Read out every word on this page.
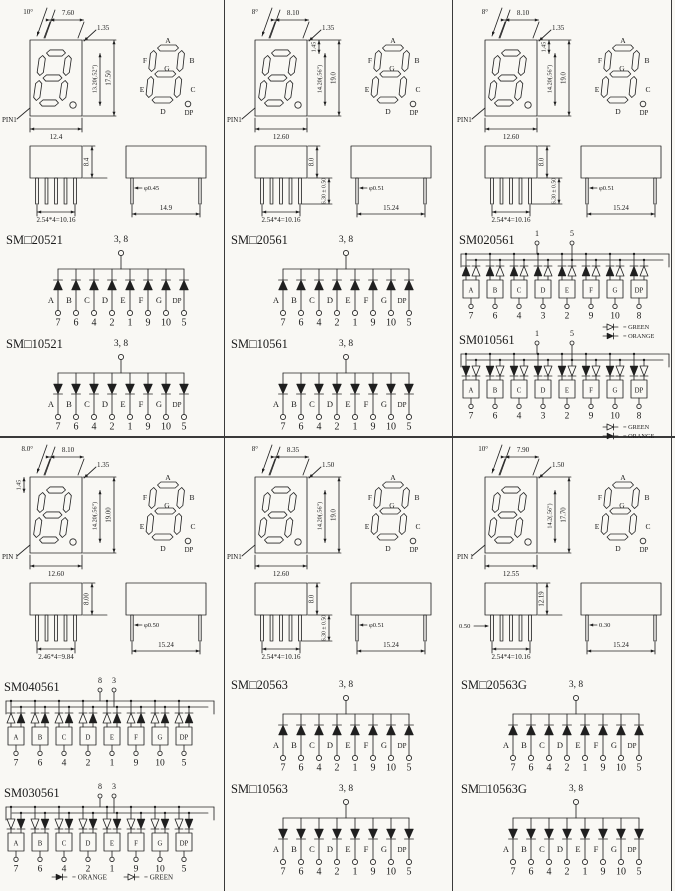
10°	7.60
1.35
13.20(.52") 17.50
12.4
PIN1
A
F	B
G
E	C
D	DP
8.4
2.54*4=10.16
φ0.45
14.9
SM□20521	3, 8
A
7
B
6
C
4
D
2
E
1
F
9
G
10
DP
5
SM□10521	3, 8
A
7
B
6
C
4
D
2
E
1
F
9
G
10
DP
5
8°	8.10
1.35
1.45
14.20(.56") 19.0
12.60
PIN1
A
F	B
G
E	C
D	DP
8.0
6.30 ± 0.50
2.54*4=10.16
φ0.51
15.24
SM□20561	3, 8
A
7
B
6
C
4
D
2
E
1
F
9
G
10
DP
5
SM□10561	3, 8
A
7
B
6
C
4
D
2
E
1
F
9
G
10
DP
5
8°	8.10
1.35
1.45
14.20(.56") 19.0
12.60
PIN1
A
F	B
G
E	C
D	DP
8.0
6.30 ± 0.50
2.54*4=10.16
φ0.51
15.24
SM020561	1	5
A
7
B
6
C
4
D
3
E
2
F
9
G
10
DP
8
= GREEN
= ORANGE
SM010561	1	5
A
7
B
6
C
4
D
3
E
2
F
9
G
10
DP
8
= GREEN
= ORANGE
8.0°	8.10
1.35
1.45
14.20(.56") 19.00
12.60
PIN 1
A
F	B
G
E	C
D	DP
8.00
2.46*4=9.84
φ0.50
15.24
SM040561	8 3
A
7
B
6
C
4
D
2
E
1
F
9
G
10
DP
5
SM030561	8 3
A
7
B
6
C
4
D
2
E
1
F
9
G
10
DP
5
= ORANGE	= GREEN
8°	8.35
1.50
14.20(.56") 19.0
12.60
PIN1
A
F	B
G
E	C
D	DP
8.0
6.30 ± 0.50
2.54*4=10.16
φ0.51
15.24
SM□20563	3, 8
A
7
B
6
C
4
D
2
E
1
F
9
G
10
DP
5
SM□10563	3, 8
A
7
B
6
C
4
D
2
E
1
F
9
G
10
DP
5
10°	7.90
1.50
14.2(.56") 17.70
12.55
PIN 1
A
F	B
G
E	C
D	DP
12.19
0.50
2.54*4=10.16
0.30
15.24
SM□20563G	3, 8
A
7
B
6
C
4
D
2
E
1
F
9
G
10
DP
5
SM□10563G	3, 8
A
7
B
6
C
4
D
2
E
1
F
9
G
10
DP
5
